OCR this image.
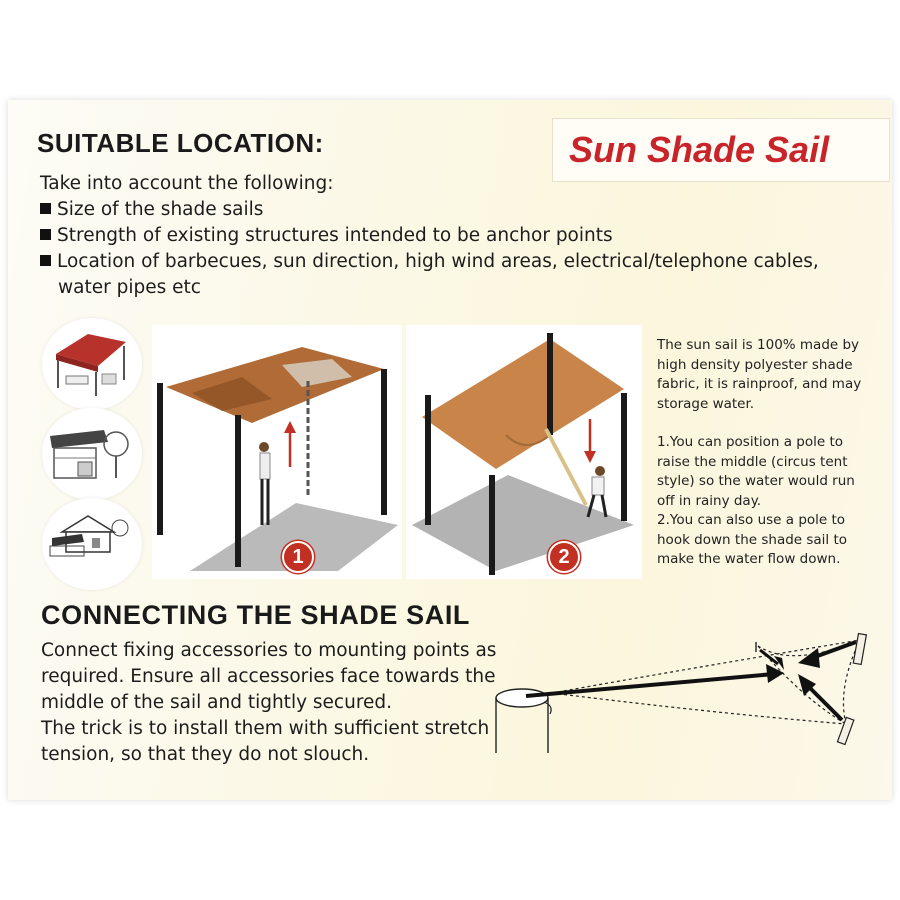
SUITABLE LOCATION:	Sun Shade Sail

Take into account the following:

Size of the shade sails
Strength of existing structures intended to be anchor points
Location of barbecues, sun direction, high wind areas, electrical/telephone cables,
water pipes etc
1	2

The sun sail is 100% made by

high density polyester shade

fabric, it is rainproof, and may

storage water.

1.You can position a pole to

raise the middle (circus tent

style) so the water would run

off in rainy day.

2.You can also use a pole to

hook down the shade sail to

make the water flow down.

CONNECTING THE SHADE SAIL
Connect fixing accessories to mounting points as
required. Ensure all accessories face towards the
middle of the sail and tightly secured.
The trick is to install them with sufficient stretch
tension, so that they do not slouch.
